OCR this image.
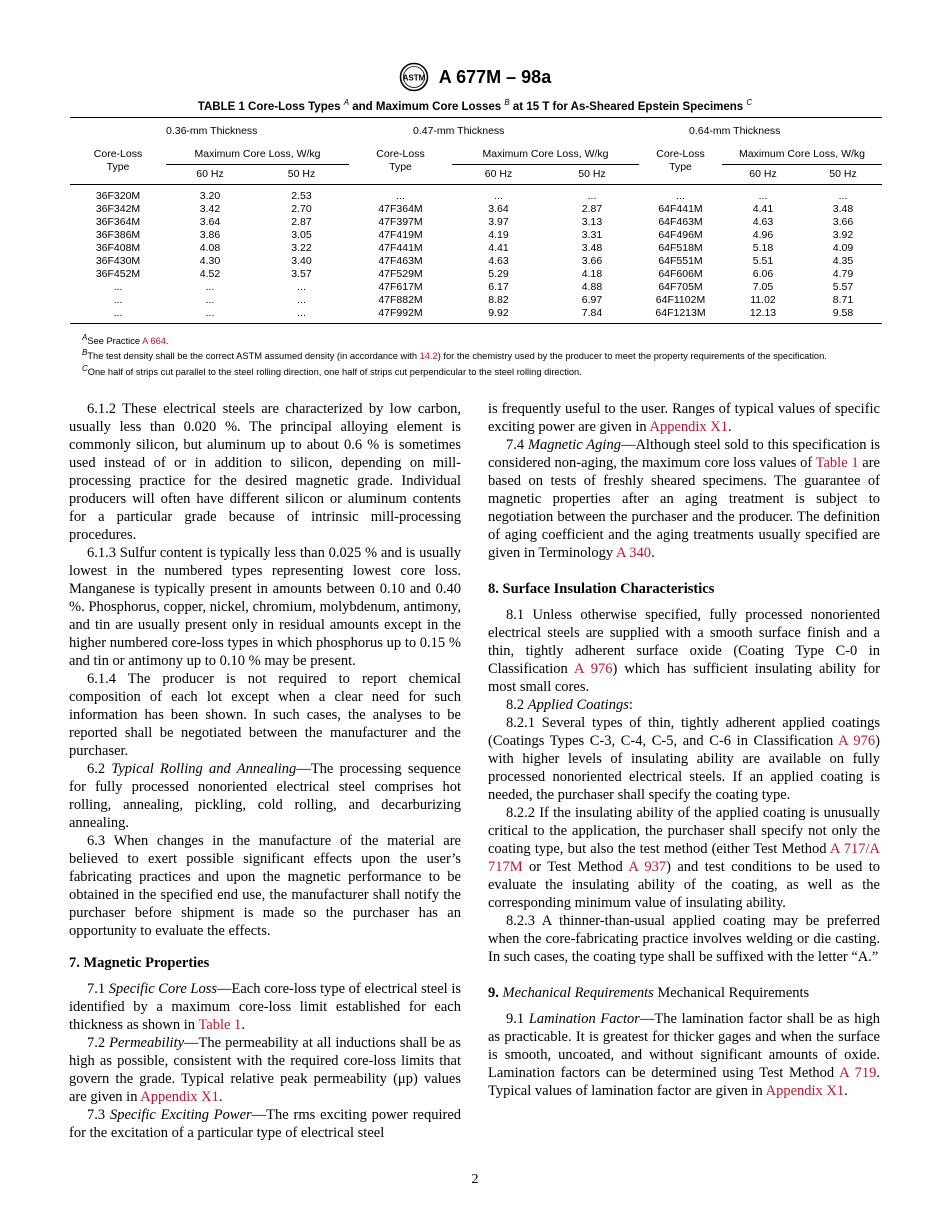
ASTM A 677M – 98a
TABLE 1 Core-Loss Types $^A$ and Maximum Core Losses $^B$ at 15 T for As-Sheared Epstein Specimens $^C$

0.36-mm Thickness			0.47-mm Thickness			0.64-mm Thickness		
Core-Loss
Type	Maximum Core Loss, W/kg		Core-Loss
Type	Maximum Core Loss, W/kg		Core-Loss
Type	Maximum Core Loss, W/kg	
	60 Hz	50 Hz		60 Hz	50 Hz		60 Hz	50 Hz
36F320M	3.20	2.53	...	...	...	...	...	...
36F342M	3.42	2.70	47F364M	3.64	2.87	64F441M	4.41	3.48
36F364M	3.64	2.87	47F397M	3.97	3.13	64F463M	4.63	3.66
36F386M	3.86	3.05	47F419M	4.19	3.31	64F496M	4.96	3.92
36F408M	4.08	3.22	47F441M	4.41	3.48	64F518M	5.18	4.09
36F430M	4.30	3.40	47F463M	4.63	3.66	64F551M	5.51	4.35
36F452M	4.52	3.57	47F529M	5.29	4.18	64F606M	6.06	4.79
...	...	...	47F617M	6.17	4.88	64F705M	7.05	5.57
...	...	...	47F882M	8.82	6.97	64F1102M	11.02	8.71
...	...	...	47F992M	9.92	7.84	64F1213M	12.13	9.58

$^A$See Practice A 664.

$^B$The test density shall be the correct ASTM assumed density (in accordance with 14.2) for the chemistry used by the producer to meet the property requirements of the specification.

$^C$One half of strips cut parallel to the steel rolling direction, one half of strips cut perpendicular to the steel rolling direction.

6.1.2 These electrical steels are characterized by low carbon, usually less than 0.020 %. The principal alloying element is commonly silicon, but aluminum up to about 0.6 % is sometimes used instead of or in addition to silicon, depending on mill-processing practice for the desired magnetic grade. Individual producers will often have different silicon or aluminum contents for a particular grade because of intrinsic mill-processing procedures.

6.1.3 Sulfur content is typically less than 0.025 % and is usually lowest in the numbered types representing lowest core loss. Manganese is typically present in amounts between 0.10 and 0.40 %. Phosphorus, copper, nickel, chromium, molybdenum, antimony, and tin are usually present only in residual amounts except in the higher numbered core-loss types in which phosphorus up to 0.15 % and tin or antimony up to 0.10 % may be present.

6.1.4 The producer is not required to report chemical composition of each lot except when a clear need for such information has been shown. In such cases, the analyses to be reported shall be negotiated between the manufacturer and the purchaser.

6.2 Typical Rolling and Annealing—The processing sequence for fully processed nonoriented electrical steel comprises hot rolling, annealing, pickling, cold rolling, and decarburizing annealing.

6.3 When changes in the manufacture of the material are believed to exert possible significant effects upon the user’s fabricating practices and upon the magnetic performance to be obtained in the specified end use, the manufacturer shall notify the purchaser before shipment is made so the purchaser has an opportunity to evaluate the effects.

7. Magnetic Properties

7.1 Specific Core Loss—Each core-loss type of electrical steel is identified by a maximum core-loss limit established for each thickness as shown in Table 1.

7.2 Permeability—The permeability at all inductions shall be as high as possible, consistent with the required core-loss limits that govern the grade. Typical relative peak permeability (μp) values are given in Appendix X1.

7.3 Specific Exciting Power—The rms exciting power required for the excitation of a particular type of electrical steel

is frequently useful to the user. Ranges of typical values of specific exciting power are given in Appendix X1.

7.4 Magnetic Aging—Although steel sold to this specification is considered non-aging, the maximum core loss values of Table 1 are based on tests of freshly sheared specimens. The guarantee of magnetic properties after an aging treatment is subject to negotiation between the purchaser and the producer. The definition of aging coefficient and the aging treatments usually specified are given in Terminology A 340.

8. Surface Insulation Characteristics

8.1 Unless otherwise specified, fully processed nonoriented electrical steels are supplied with a smooth surface finish and a thin, tightly adherent surface oxide (Coating Type C-0 in Classification A 976) which has sufficient insulating ability for most small cores.

8.2 Applied Coatings:

8.2.1 Several types of thin, tightly adherent applied coatings (Coatings Types C-3, C-4, C-5, and C-6 in Classification A 976) with higher levels of insulating ability are available on fully processed nonoriented electrical steels. If an applied coating is needed, the purchaser shall specify the coating type.

8.2.2 If the insulating ability of the applied coating is unusually critical to the application, the purchaser shall specify not only the coating type, but also the test method (either Test Method A 717/A 717M or Test Method A 937) and test conditions to be used to evaluate the insulating ability of the coating, as well as the corresponding minimum value of insulating ability.

8.2.3 A thinner-than-usual applied coating may be preferred when the core-fabricating practice involves welding or die casting. In such cases, the coating type shall be suffixed with the letter “A.”

9. Mechanical Requirements Mechanical Requirements

9.1 Lamination Factor—The lamination factor shall be as high as practicable. It is greatest for thicker gages and when the surface is smooth, uncoated, and without significant amounts of oxide. Lamination factors can be determined using Test Method A 719. Typical values of lamination factor are given in Appendix X1.

2
